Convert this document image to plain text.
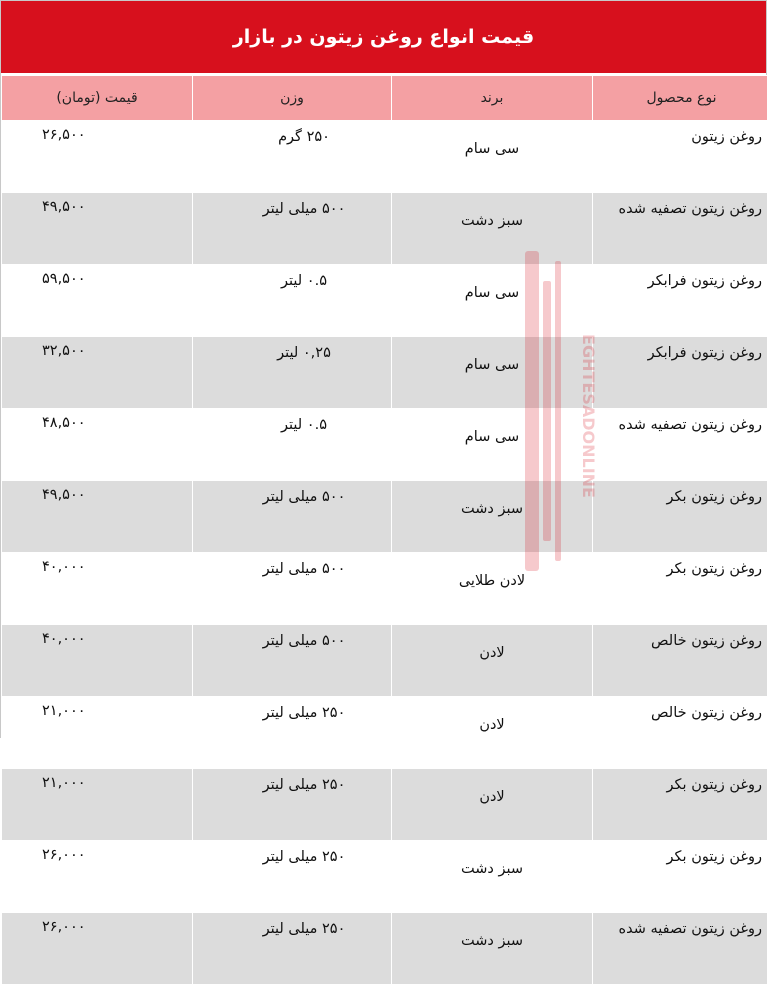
قیمت انواع روغن زیتون در بازار
نوع محصول	برند	وزن	قیمت (تومان)

روغن زیتون	سی سام	۲۵۰ گرم	۲۶,۵۰۰

روغن زیتون تصفیه شده	سبز دشت	۵۰۰ میلی لیتر	۴۹,۵۰۰

روغن زیتون فرابکر	سی سام	۰.۵ لیتر	۵۹,۵۰۰

روغن زیتون فرابکر	سی سام	۰,۲۵ لیتر	۳۲,۵۰۰

روغن زیتون تصفیه شده	سی سام	۰.۵ لیتر	۴۸,۵۰۰

روغن زیتون بکر	سبز دشت	۵۰۰ میلی لیتر	۴۹,۵۰۰

روغن زیتون بکر	لادن طلایی	۵۰۰ میلی لیتر	۴۰,۰۰۰

روغن زیتون خالص	لادن	۵۰۰ میلی لیتر	۴۰,۰۰۰

روغن زیتون خالص	لادن	۲۵۰ میلی لیتر	۲۱,۰۰۰

روغن زیتون بکر	لادن	۲۵۰ میلی لیتر	۲۱,۰۰۰

روغن زیتون بکر	سبز دشت	۲۵۰ میلی لیتر	۲۶,۰۰۰

روغن زیتون تصفیه شده	سبز دشت	۲۵۰ میلی لیتر	۲۶,۰۰۰
EGHTESADONLINE
